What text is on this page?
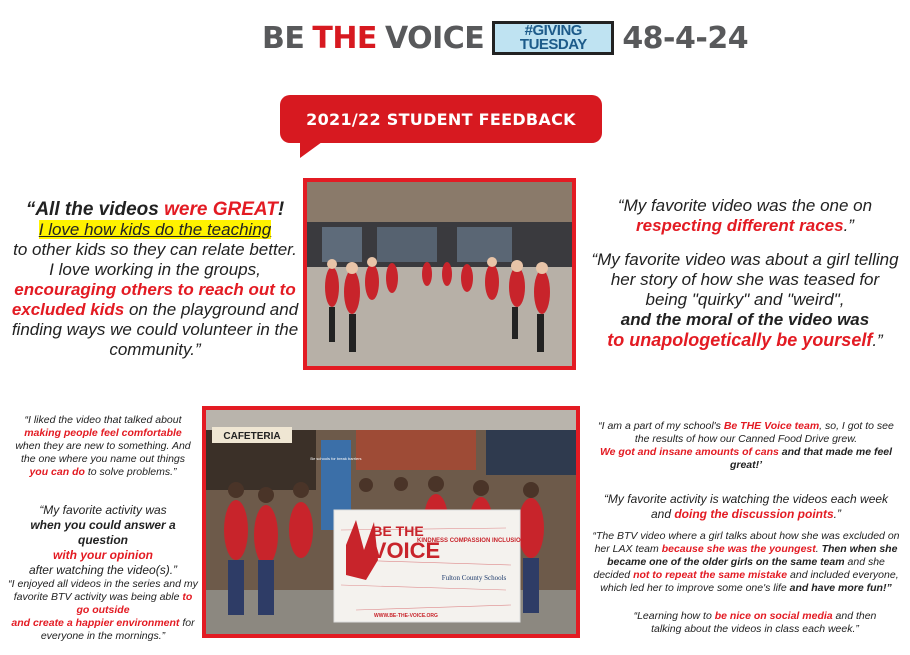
BE THE VOICE	#GIVING
TUESDAY 48-4-24
2021/22 STUDENT FEEDBACK
“All the videos were GREAT!
I love how kids do the teaching
to other kids so they can relate better. I love working in the groups,
encouraging others to reach out to excluded kids on the playground and finding ways we could volunteer in the community.”
“My favorite video was the one on respecting different races.”
“My favorite video was about a girl telling her story of how she was teased for being "quirky" and "weird",
and the moral of the video was
to unapologetically be yourself.”
“I liked the video that talked about
making people feel comfortable
when they are new to something. And the one where you name out things
you can do to solve problems.”
“My favorite activity was
when you could answer a question
with your opinion
after watching the video(s).”
“I enjoyed all videos in the series and my favorite BTV activity was being able to go outside
and create a happier environment for everyone in the mornings.”
CAFETERIA
Be schools for break barriers
BE THE
VOICE
KINDNESS COMPASSION INCLUSION
Fulton County Schools
WWW.BE-THE-VOICE.ORG
“I am a part of my school's Be THE Voice team, so, I got to see the results of how our Canned Food Drive grew.
We got and insane amounts of cans and that made me feel great!’
“My favorite activity is watching the videos each week and doing the discussion points.”
“The BTV video where a girl talks about how she was excluded on her LAX team because she was the youngest. Then when she became one of the older girls on the same team and she decided not to repeat the same mistake and included everyone, which led her to improve some one's life and have more fun!”
“Learning how to be nice on social media and then talking about the videos in class each week.”
